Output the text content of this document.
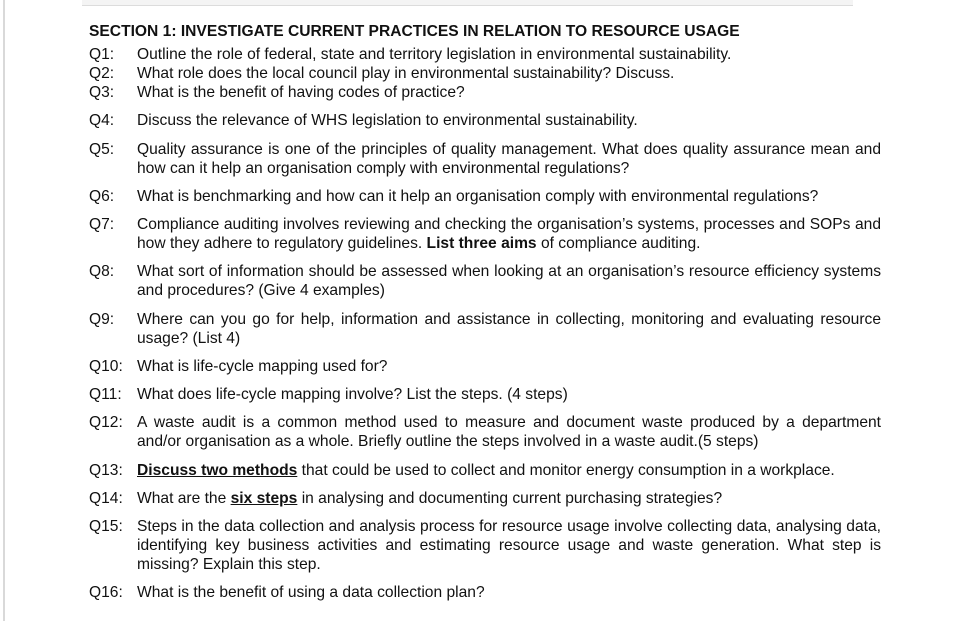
SECTION 1: INVESTIGATE CURRENT PRACTICES IN RELATION TO RESOURCE USAGE
Q1:	Outline the role of federal, state and territory legislation in environmental sustainability.
Q2:	What role does the local council play in environmental sustainability? Discuss.
Q3:	What is the benefit of having codes of practice?
Q4:	Discuss the relevance of WHS legislation to environmental sustainability.
Q5:	Quality assurance is one of the principles of quality management. What does quality assurance mean and how can it help an organisation comply with environmental regulations?
Q6:	What is benchmarking and how can it help an organisation comply with environmental regulations?
Q7:	Compliance auditing involves reviewing and checking the organisation’s systems, processes and SOPs and how they adhere to regulatory guidelines. List three aims of compliance auditing.
Q8:	What sort of information should be assessed when looking at an organisation’s resource efficiency systems and procedures? (Give 4 examples)
Q9:	Where can you go for help, information and assistance in collecting, monitoring and evaluating resource usage? (List 4)
Q10: What is life-cycle mapping used for?
Q11: What does life-cycle mapping involve? List the steps. (4 steps)
Q12: A waste audit is a common method used to measure and document waste produced by a department and/or organisation as a whole. Briefly outline the steps involved in a waste audit.(5 steps)
Q13: Discuss two methods that could be used to collect and monitor energy consumption in a workplace.
Q14: What are the six steps in analysing and documenting current purchasing strategies?
Q15: Steps in the data collection and analysis process for resource usage involve collecting data, analysing data, identifying key business activities and estimating resource usage and waste generation. What step is missing? Explain this step.
Q16: What is the benefit of using a data collection plan?
